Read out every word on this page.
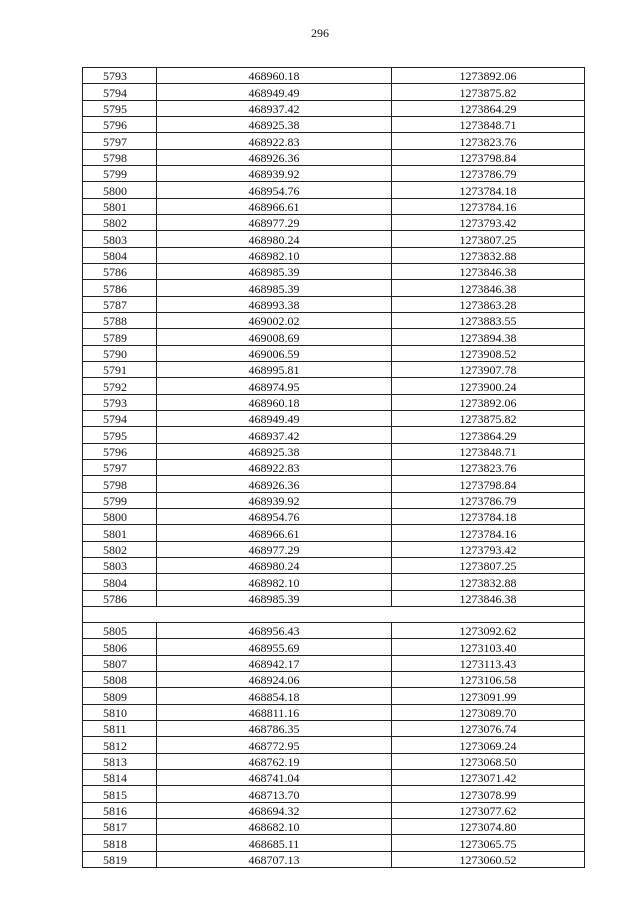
296
5793	468960.18	1273892.06
5794	468949.49	1273875.82
5795	468937.42	1273864.29
5796	468925.38	1273848.71
5797	468922.83	1273823.76
5798	468926.36	1273798.84
5799	468939.92	1273786.79
5800	468954.76	1273784.18
5801	468966.61	1273784.16
5802	468977.29	1273793.42
5803	468980.24	1273807.25
5804	468982.10	1273832.88
5786	468985.39	1273846.38
5786	468985.39	1273846.38
5787	468993.38	1273863.28
5788	469002.02	1273883.55
5789	469008.69	1273894.38
5790	469006.59	1273908.52
5791	468995.81	1273907.78
5792	468974.95	1273900.24
5793	468960.18	1273892.06
5794	468949.49	1273875.82
5795	468937.42	1273864.29
5796	468925.38	1273848.71
5797	468922.83	1273823.76
5798	468926.36	1273798.84
5799	468939.92	1273786.79
5800	468954.76	1273784.18
5801	468966.61	1273784.16
5802	468977.29	1273793.42
5803	468980.24	1273807.25
5804	468982.10	1273832.88
5786	468985.39	1273846.38

5805	468956.43	1273092.62
5806	468955.69	1273103.40
5807	468942.17	1273113.43
5808	468924.06	1273106.58
5809	468854.18	1273091.99
5810	468811.16	1273089.70
5811	468786.35	1273076.74
5812	468772.95	1273069.24
5813	468762.19	1273068.50
5814	468741.04	1273071.42
5815	468713.70	1273078.99
5816	468694.32	1273077.62
5817	468682.10	1273074.80
5818	468685.11	1273065.75
5819	468707.13	1273060.52
